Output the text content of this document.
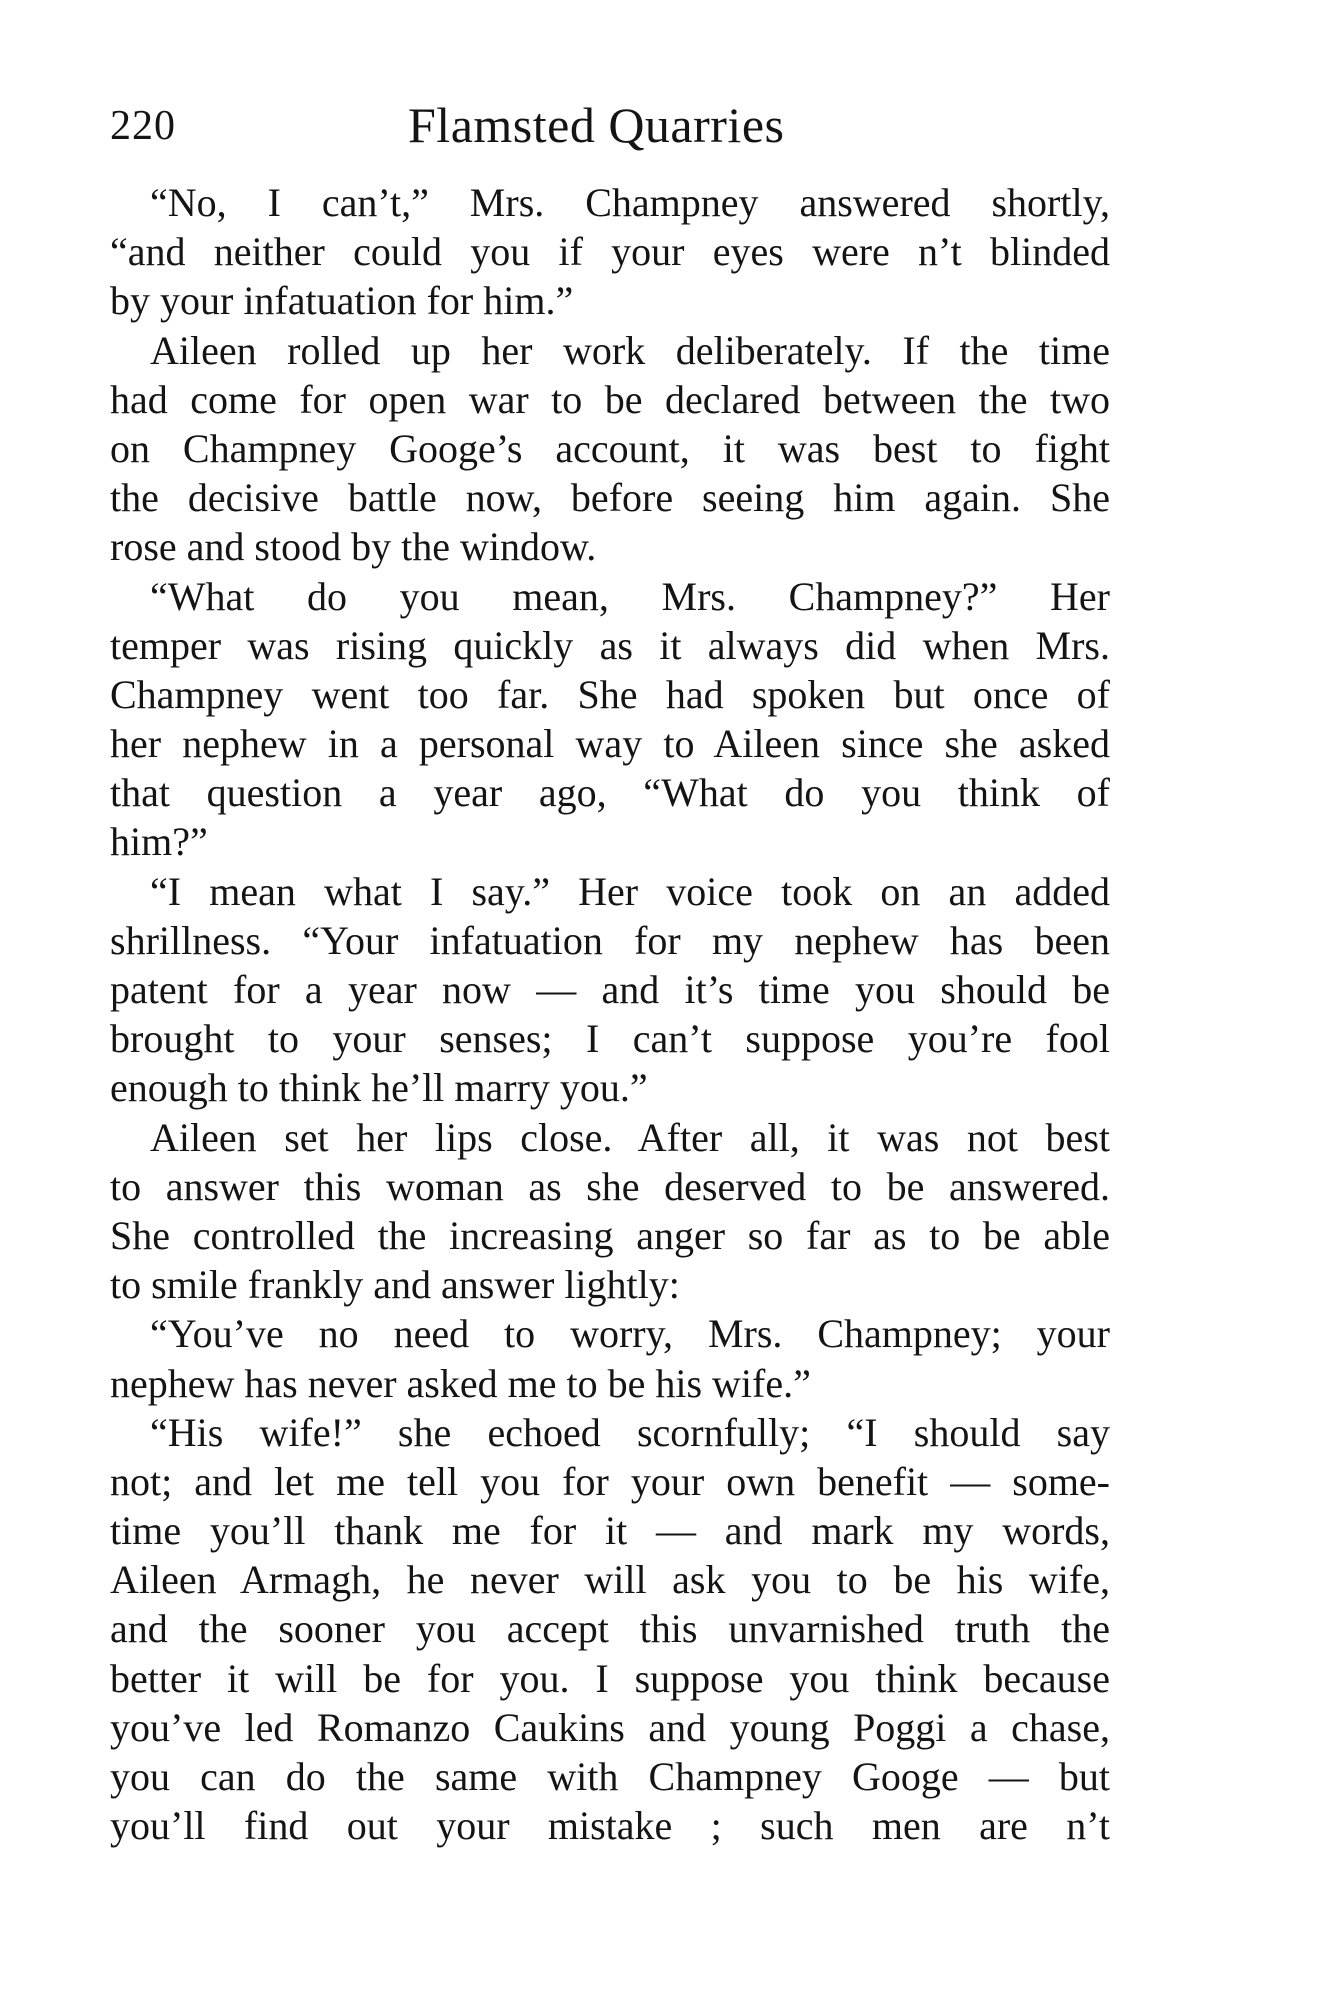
220	Flamsted Quarries
“No, I can’t,” Mrs. Champney answered shortly,
“and neither could you if your eyes were n’t blinded
by your infatuation for him.”
Aileen rolled up her work deliberately. If the time
had come for open war to be declared between the two
on Champney Googe’s account, it was best to fight
the decisive battle now, before seeing him again. She
rose and stood by the window.
“What do you mean, Mrs. Champney?” Her
temper was rising quickly as it always did when Mrs.
Champney went too far. She had spoken but once of
her nephew in a personal way to Aileen since she asked
that question a year ago, “What do you think of
him?”
“I mean what I say.” Her voice took on an added
shrillness. “Your infatuation for my nephew has been
patent for a year now — and it’s time you should be
brought to your senses; I can’t suppose you’re fool
enough to think he’ll marry you.”
Aileen set her lips close. After all, it was not best
to answer this woman as she deserved to be answered.
She controlled the increasing anger so far as to be able
to smile frankly and answer lightly:
“You’ve no need to worry, Mrs. Champney; your
nephew has never asked me to be his wife.”
“His wife!” she echoed scornfully; “I should say
not; and let me tell you for your own benefit — some-
time you’ll thank me for it — and mark my words,
Aileen Armagh, he never will ask you to be his wife,
and the sooner you accept this unvarnished truth the
better it will be for you. I suppose you think because
you’ve led Romanzo Caukins and young Poggi a chase,
you can do the same with Champney Googe — but
you’ll find out your mistake ; such men are n’t
